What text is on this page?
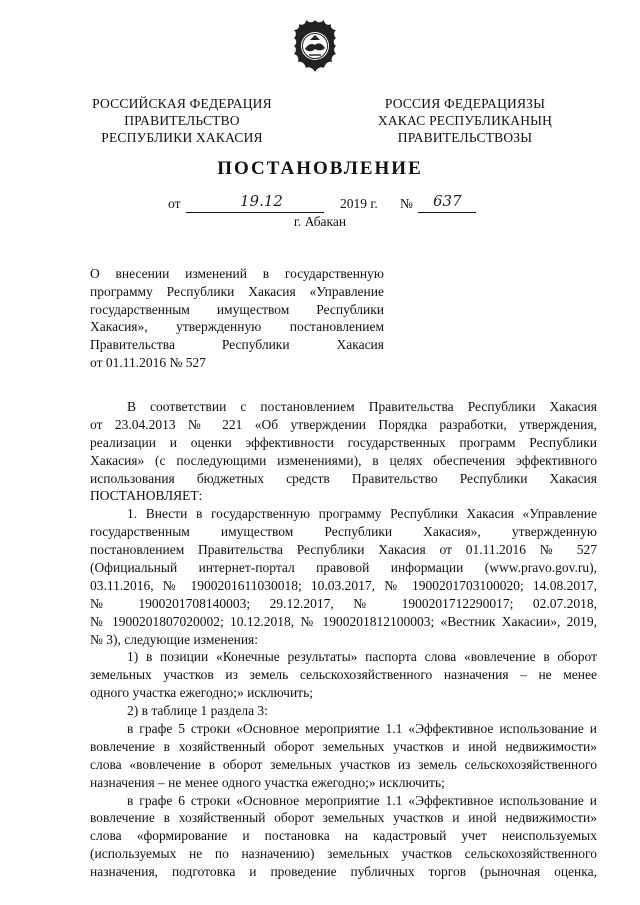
РОССИЙСКАЯ ФЕДЕРАЦИЯ
ПРАВИТЕЛЬСТВО
РЕСПУБЛИКИ ХАКАСИЯ
РОССИЯ ФЕДЕРАЦИЯЗЫ
ХАКАС РЕСПУБЛИКАНЫҢ
ПРАВИТЕЛЬСТВОЗЫ
ПОСТАНОВЛЕНИЕ
от	19.12	2019 г. № 637
г. Абакан
О внесении изменений в государственную
программу Республики Хакасия «Управление
государственным имуществом Республики
Хакасия», утвержденную постановлением
Правительства Республики Хакасия
от 01.11.2016 № 527
В соответствии с постановлением Правительства Республики Хакасия
от 23.04.2013 № 221 «Об утверждении Порядка разработки, утверждения,
реализации и оценки эффективности государственных программ Республики
Хакасия» (с последующими изменениями), в целях обеспечения эффективного
использования бюджетных средств Правительство Республики Хакасия
ПОСТАНОВЛЯЕТ:
1. Внести в государственную программу Республики Хакасия «Управление
государственным имуществом Республики Хакасия», утвержденную
постановлением Правительства Республики Хакасия от 01.11.2016 № 527
(Официальный интернет-портал правовой информации (www.pravo.gov.ru),
03.11.2016, № 1900201611030018; 10.03.2017, № 1900201703100020; 14.08.2017,
№ 1900201708140003; 29.12.2017, № 1900201712290017; 02.07.2018,
№ 1900201807020002; 10.12.2018, № 1900201812100003; «Вестник Хакасии», 2019,
№ 3), следующие изменения:
1) в позиции «Конечные результаты» паспорта слова «вовлечение в оборот
земельных участков из земель сельскохозяйственного назначения – не менее
одного участка ежегодно;» исключить;
2) в таблице 1 раздела 3:
в графе 5 строки «Основное мероприятие 1.1 «Эффективное использование и
вовлечение в хозяйственный оборот земельных участков и иной недвижимости»
слова «вовлечение в оборот земельных участков из земель сельскохозяйственного
назначения – не менее одного участка ежегодно;» исключить;
в графе 6 строки «Основное мероприятие 1.1 «Эффективное использование и
вовлечение в хозяйственный оборот земельных участков и иной недвижимости»
слова «формирование и постановка на кадастровый учет неиспользуемых
(используемых не по назначению) земельных участков сельскохозяйственного
назначения, подготовка и проведение публичных торгов (рыночная оценка,
